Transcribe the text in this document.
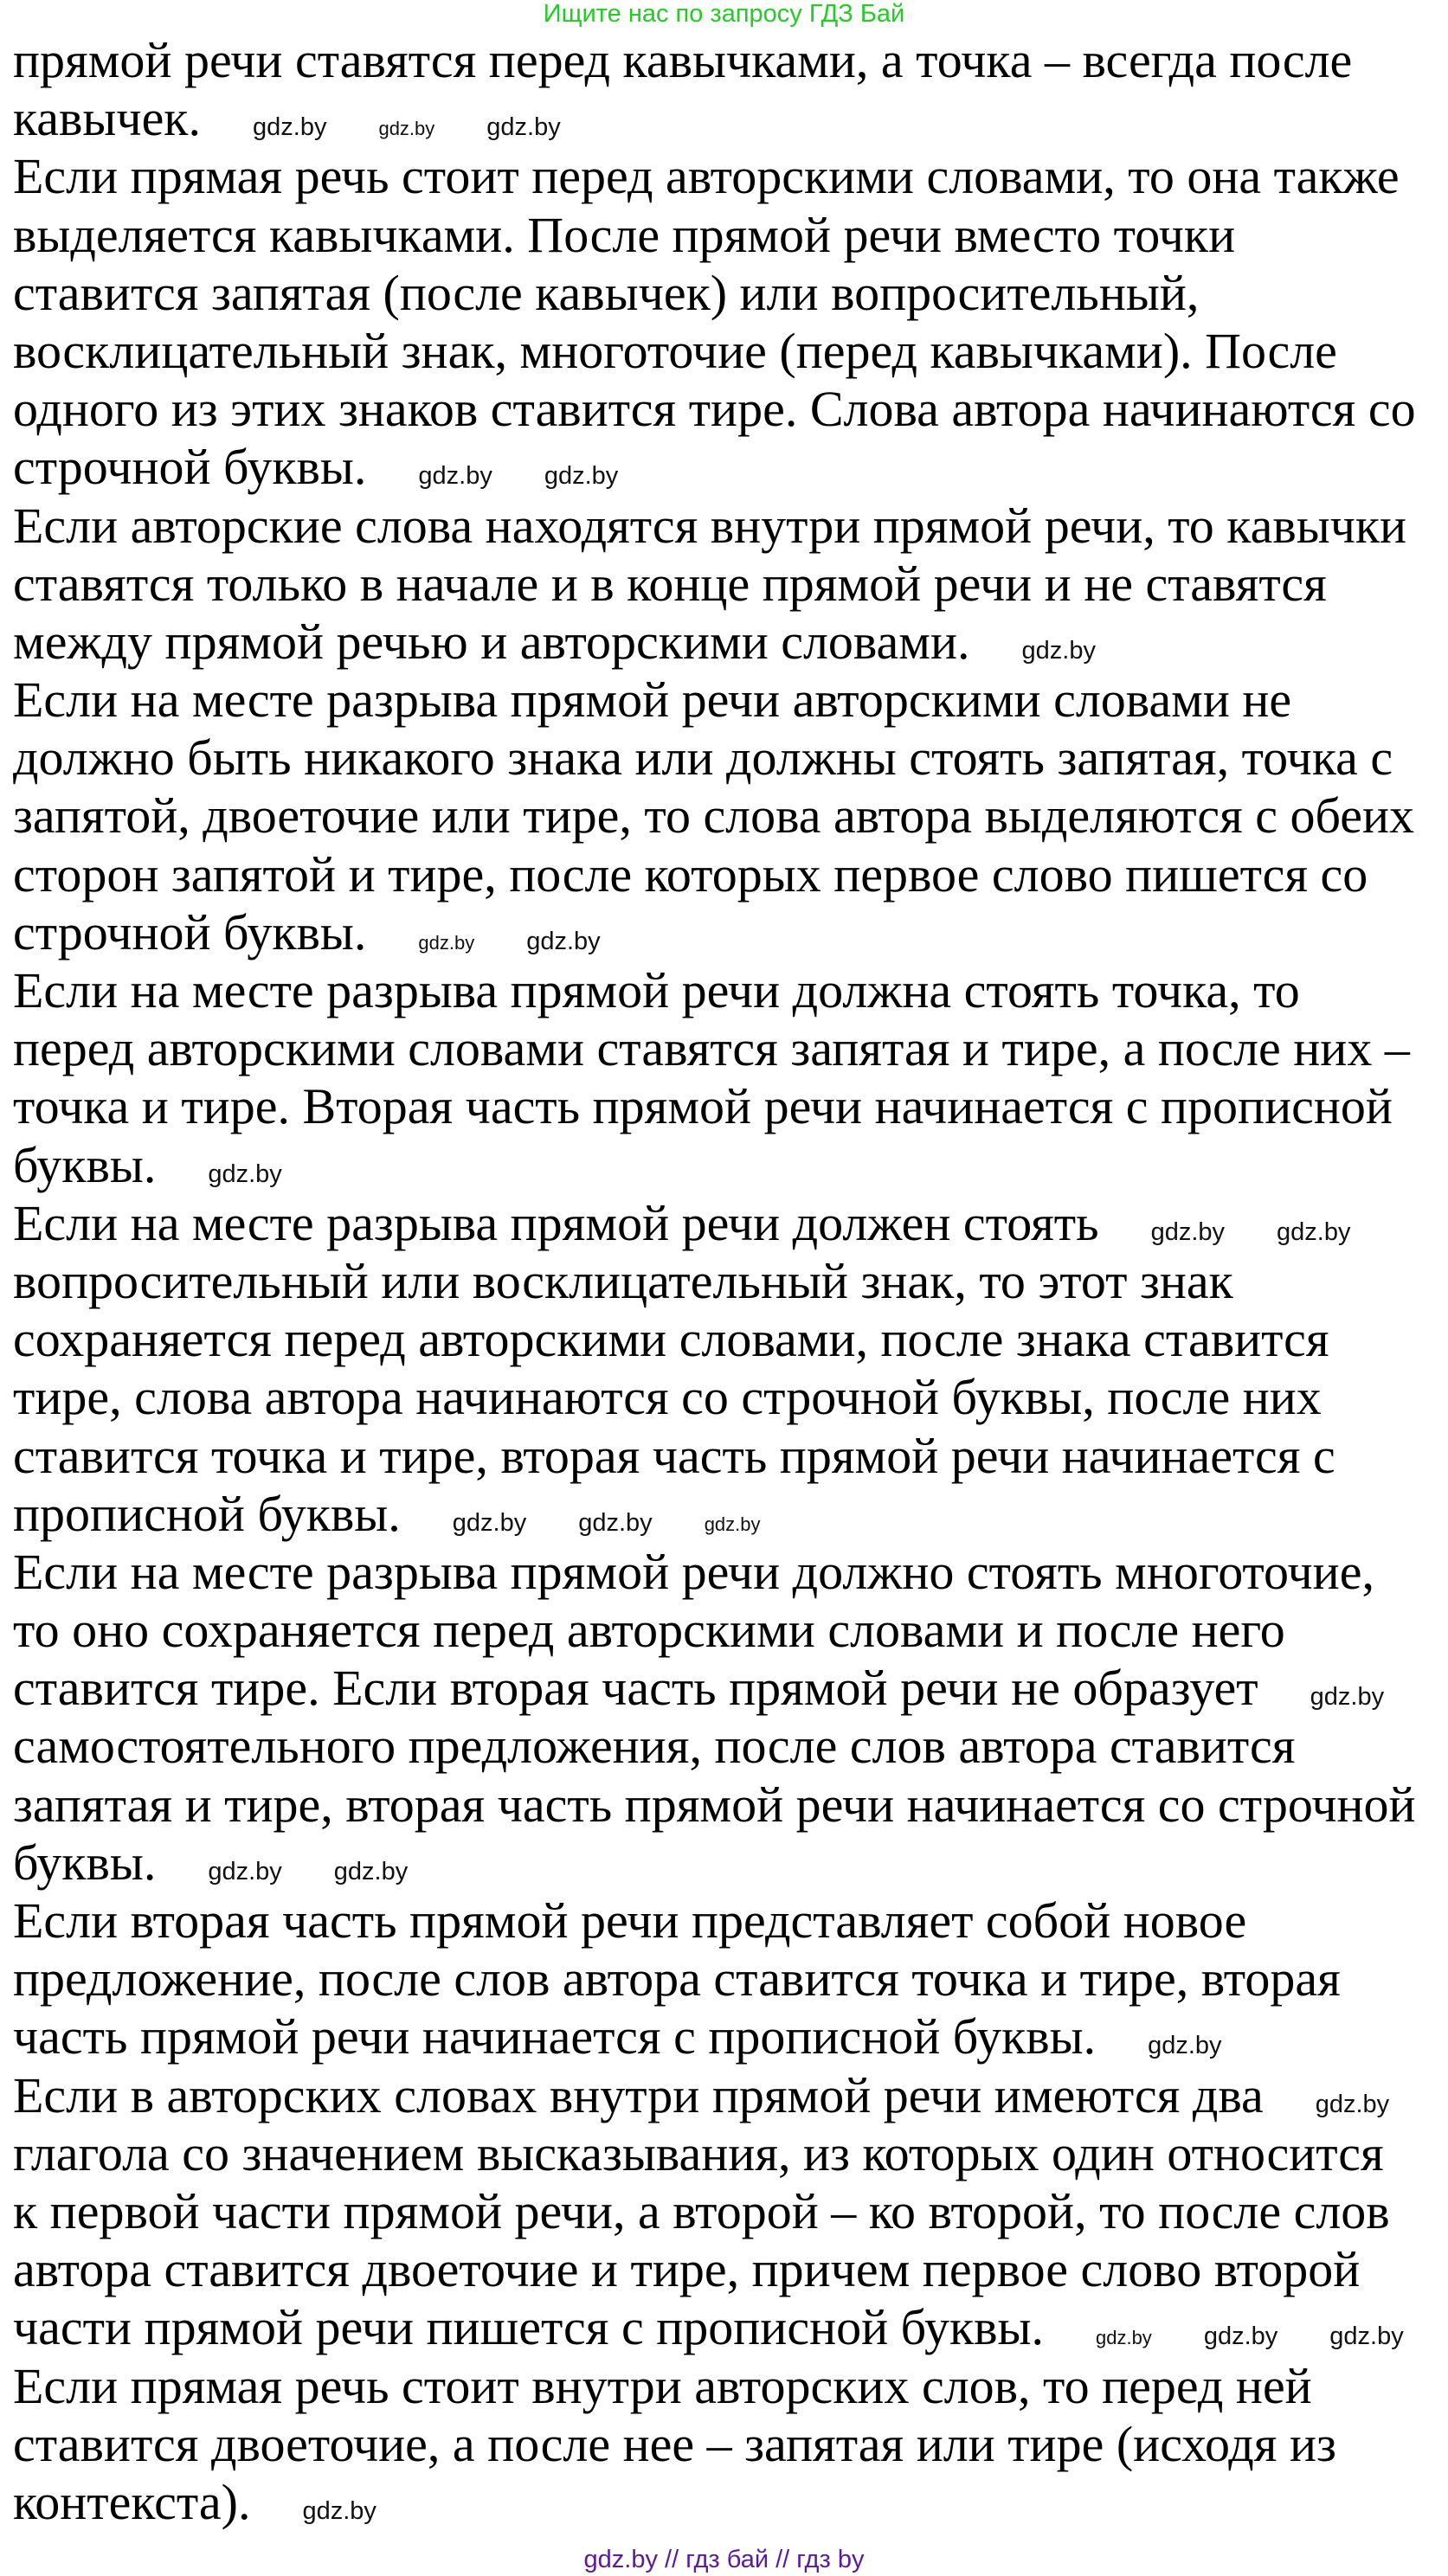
Ищите нас по запросу ГДЗ Бай
прямой речи ставятся перед кавычками, а точка – всегда после
кавычек. gdz.by	gdz.by gdz.by
Если прямая речь стоит перед авторскими словами, то она также
выделяется кавычками. После прямой речи вместо точки
ставится запятая (после кавычек) или вопросительный,
восклицательный знак, многоточие (перед кавычками). После
одного из этих знаков ставится тире. Слова автора начинаются со
строчной буквы. gdz.by gdz.by
Если авторские слова находятся внутри прямой речи, то кавычки
ставятся только в начале и в конце прямой речи и не ставятся
между прямой речью и авторскими словами. gdz.by
Если на месте разрыва прямой речи авторскими словами не
должно быть никакого знака или должны стоять запятая, точка с
запятой, двоеточие или тире, то слова автора выделяются с обеих
сторон запятой и тире, после которых первое слово пишется со
строчной буквы.	gdz.by gdz.by
Если на месте разрыва прямой речи должна стоять точка, то
перед авторскими словами ставятся запятая и тире, а после них –
точка и тире. Вторая часть прямой речи начинается с прописной
буквы. gdz.by
Если на месте разрыва прямой речи должен стоять gdz.by gdz.by
вопросительный или восклицательный знак, то этот знак
сохраняется перед авторскими словами, после знака ставится
тире, слова автора начинаются со строчной буквы, после них
ставится точка и тире, вторая часть прямой речи начинается с
прописной буквы. gdz.by gdz.by	gdz.by
Если на месте разрыва прямой речи должно стоять многоточие,
то оно сохраняется перед авторскими словами и после него
ставится тире. Если вторая часть прямой речи не образует gdz.by
самостоятельного предложения, после слов автора ставится
запятая и тире, вторая часть прямой речи начинается со строчной
буквы. gdz.by gdz.by
Если вторая часть прямой речи представляет собой новое
предложение, после слов автора ставится точка и тире, вторая
часть прямой речи начинается с прописной буквы. gdz.by
Если в авторских словах внутри прямой речи имеются два gdz.by
глагола со значением высказывания, из которых один относится
к первой части прямой речи, а второй – ко второй, то после слов
автора ставится двоеточие и тире, причем первое слово второй
части прямой речи пишется с прописной буквы.	gdz.by gdz.by gdz.by
Если прямая речь стоит внутри авторских слов, то перед ней
ставится двоеточие, а после нее – запятая или тире (исходя из
контекста). gdz.by
gdz.by // гдз бай // гдз by
